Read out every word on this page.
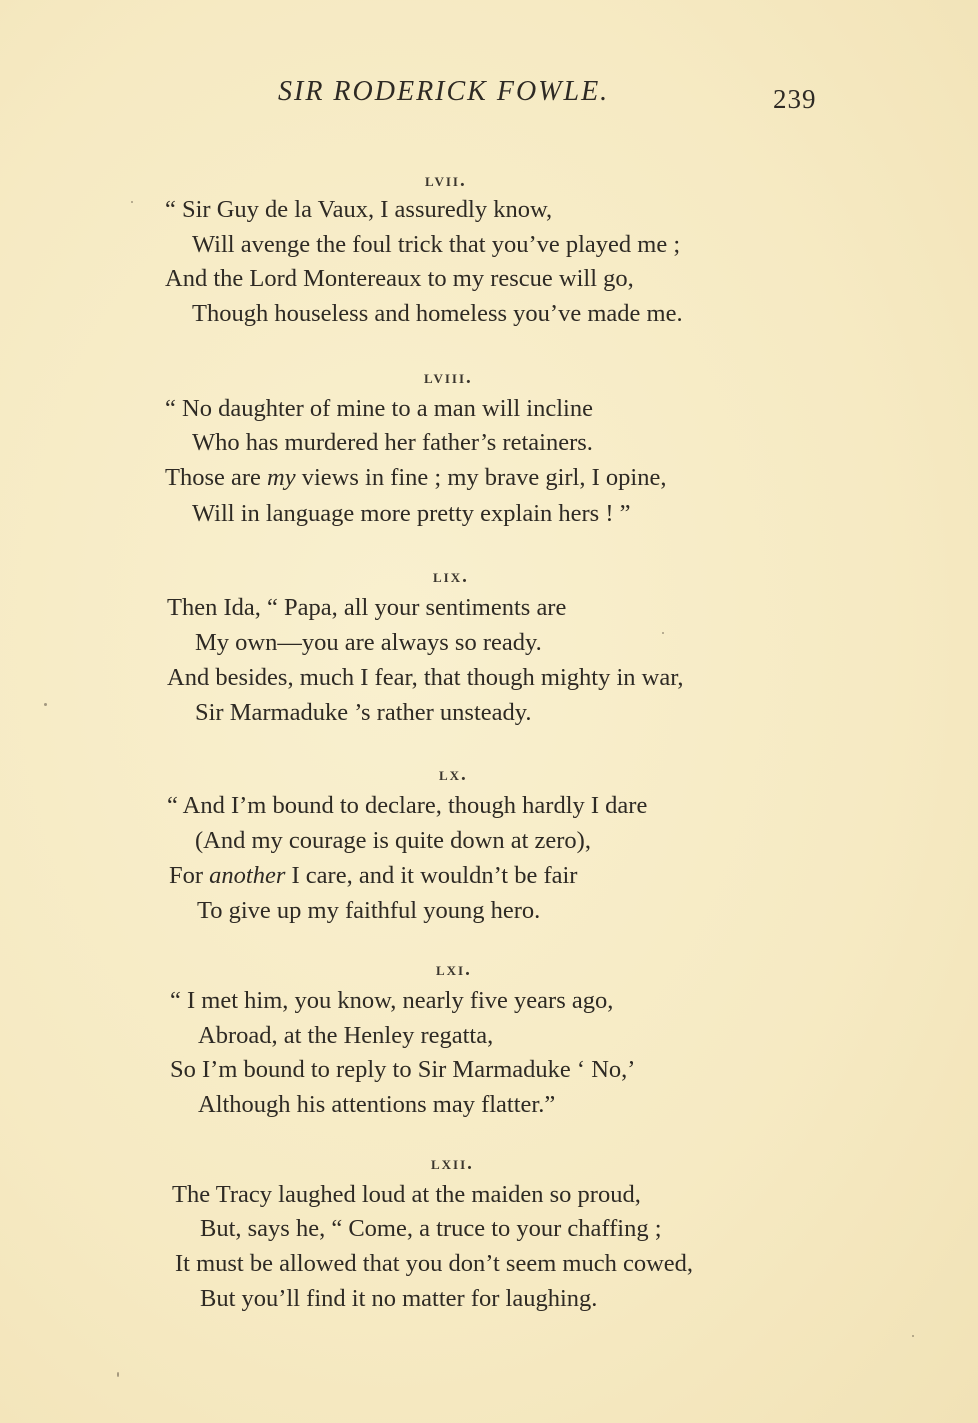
SIR RODERICK FOWLE.	239
lvii.
“ Sir Guy de la Vaux, I assuredly know,
Will avenge the foul trick that you’ve played me ;
And the Lord Montereaux to my rescue will go,
Though houseless and homeless you’ve made me.
lviii.
“ No daughter of mine to a man will incline
Who has murdered her father’s retainers.
Those are my views in fine ; my brave girl, I opine,
Will in language more pretty explain hers ! ”
lix.
Then Ida, “ Papa, all your sentiments are
My own—you are always so ready.
And besides, much I fear, that though mighty in war,
Sir Marmaduke ’s rather unsteady.
lx.
“ And I’m bound to declare, though hardly I dare
(And my courage is quite down at zero),
For another I care, and it wouldn’t be fair
To give up my faithful young hero.
lxi.
“ I met him, you know, nearly five years ago,
Abroad, at the Henley regatta,
So I’m bound to reply to Sir Marmaduke ‘ No,’
Although his attentions may flatter.”
lxii.
The Tracy laughed loud at the maiden so proud,
But, says he, “ Come, a truce to your chaffing ;
It must be allowed that you don’t seem much cowed,
But you’ll find it no matter for laughing.
